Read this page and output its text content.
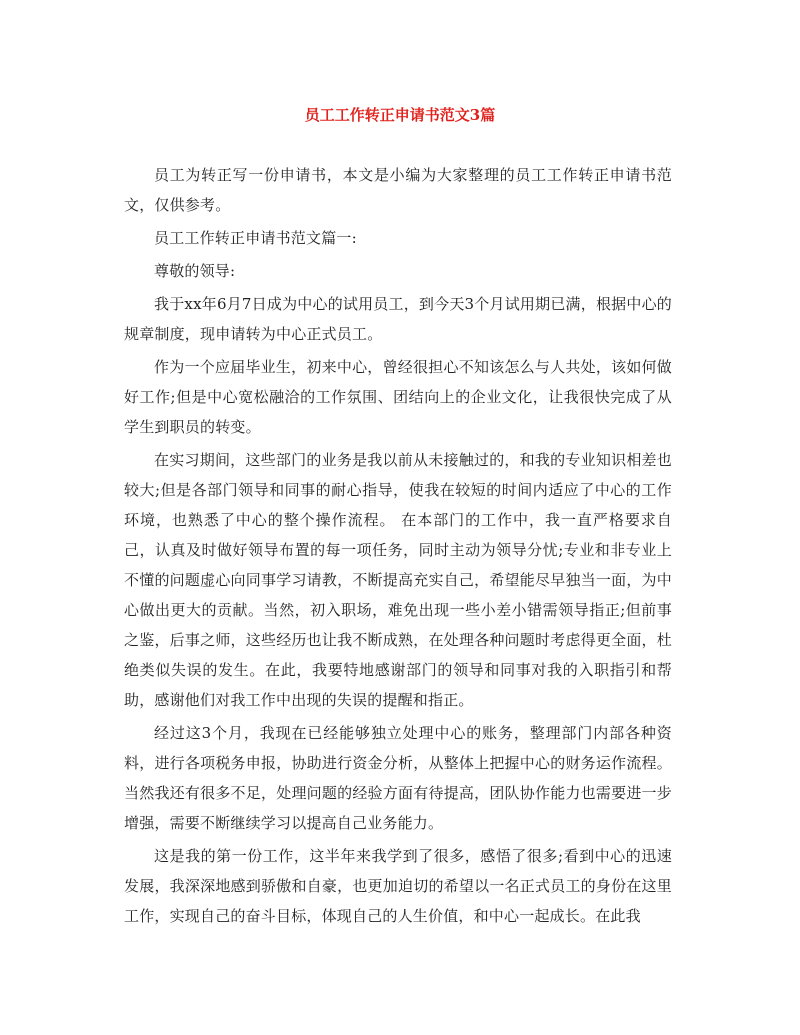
员工工作转正申请书范文3篇

员工为转正写一份申请书，本文是小编为大家整理的员工工作转正申请书范文，仅供参考。

员工工作转正申请书范文篇一:

尊敬的领导:

我于xx年6月7日成为中心的试用员工，到今天3个月试用期已满，根据中心的规章制度，现申请转为中心正式员工。

作为一个应届毕业生，初来中心，曾经很担心不知该怎么与人共处，该如何做好工作;但是中心宽松融洽的工作氛围、团结向上的企业文化，让我很快完成了从学生到职员的转变。

在实习期间，这些部门的业务是我以前从未接触过的，和我的专业知识相差也较大;但是各部门领导和同事的耐心指导，使我在较短的时间内适应了中心的工作环境，也熟悉了中心的整个操作流程。 在本部门的工作中，我一直严格要求自己，认真及时做好领导布置的每一项任务，同时主动为领导分忧;专业和非专业上不懂的问题虚心向同事学习请教，不断提高充实自己，希望能尽早独当一面，为中心做出更大的贡献。当然，初入职场，难免出现一些小差小错需领导指正;但前事之鉴，后事之师，这些经历也让我不断成熟，在处理各种问题时考虑得更全面，杜绝类似失误的发生。在此，我要特地感谢部门的领导和同事对我的入职指引和帮助，感谢他们对我工作中出现的失误的提醒和指正。

经过这3个月，我现在已经能够独立处理中心的账务，整理部门内部各种资料，进行各项税务申报，协助进行资金分析，从整体上把握中心的财务运作流程。当然我还有很多不足，处理问题的经验方面有待提高，团队协作能力也需要进一步增强，需要不断继续学习以提高自己业务能力。

这是我的第一份工作，这半年来我学到了很多，感悟了很多;看到中心的迅速发展，我深深地感到骄傲和自豪，也更加迫切的希望以一名正式员工的身份在这里工作，实现自己的奋斗目标，体现自己的人生价值，和中心一起成长。在此我
